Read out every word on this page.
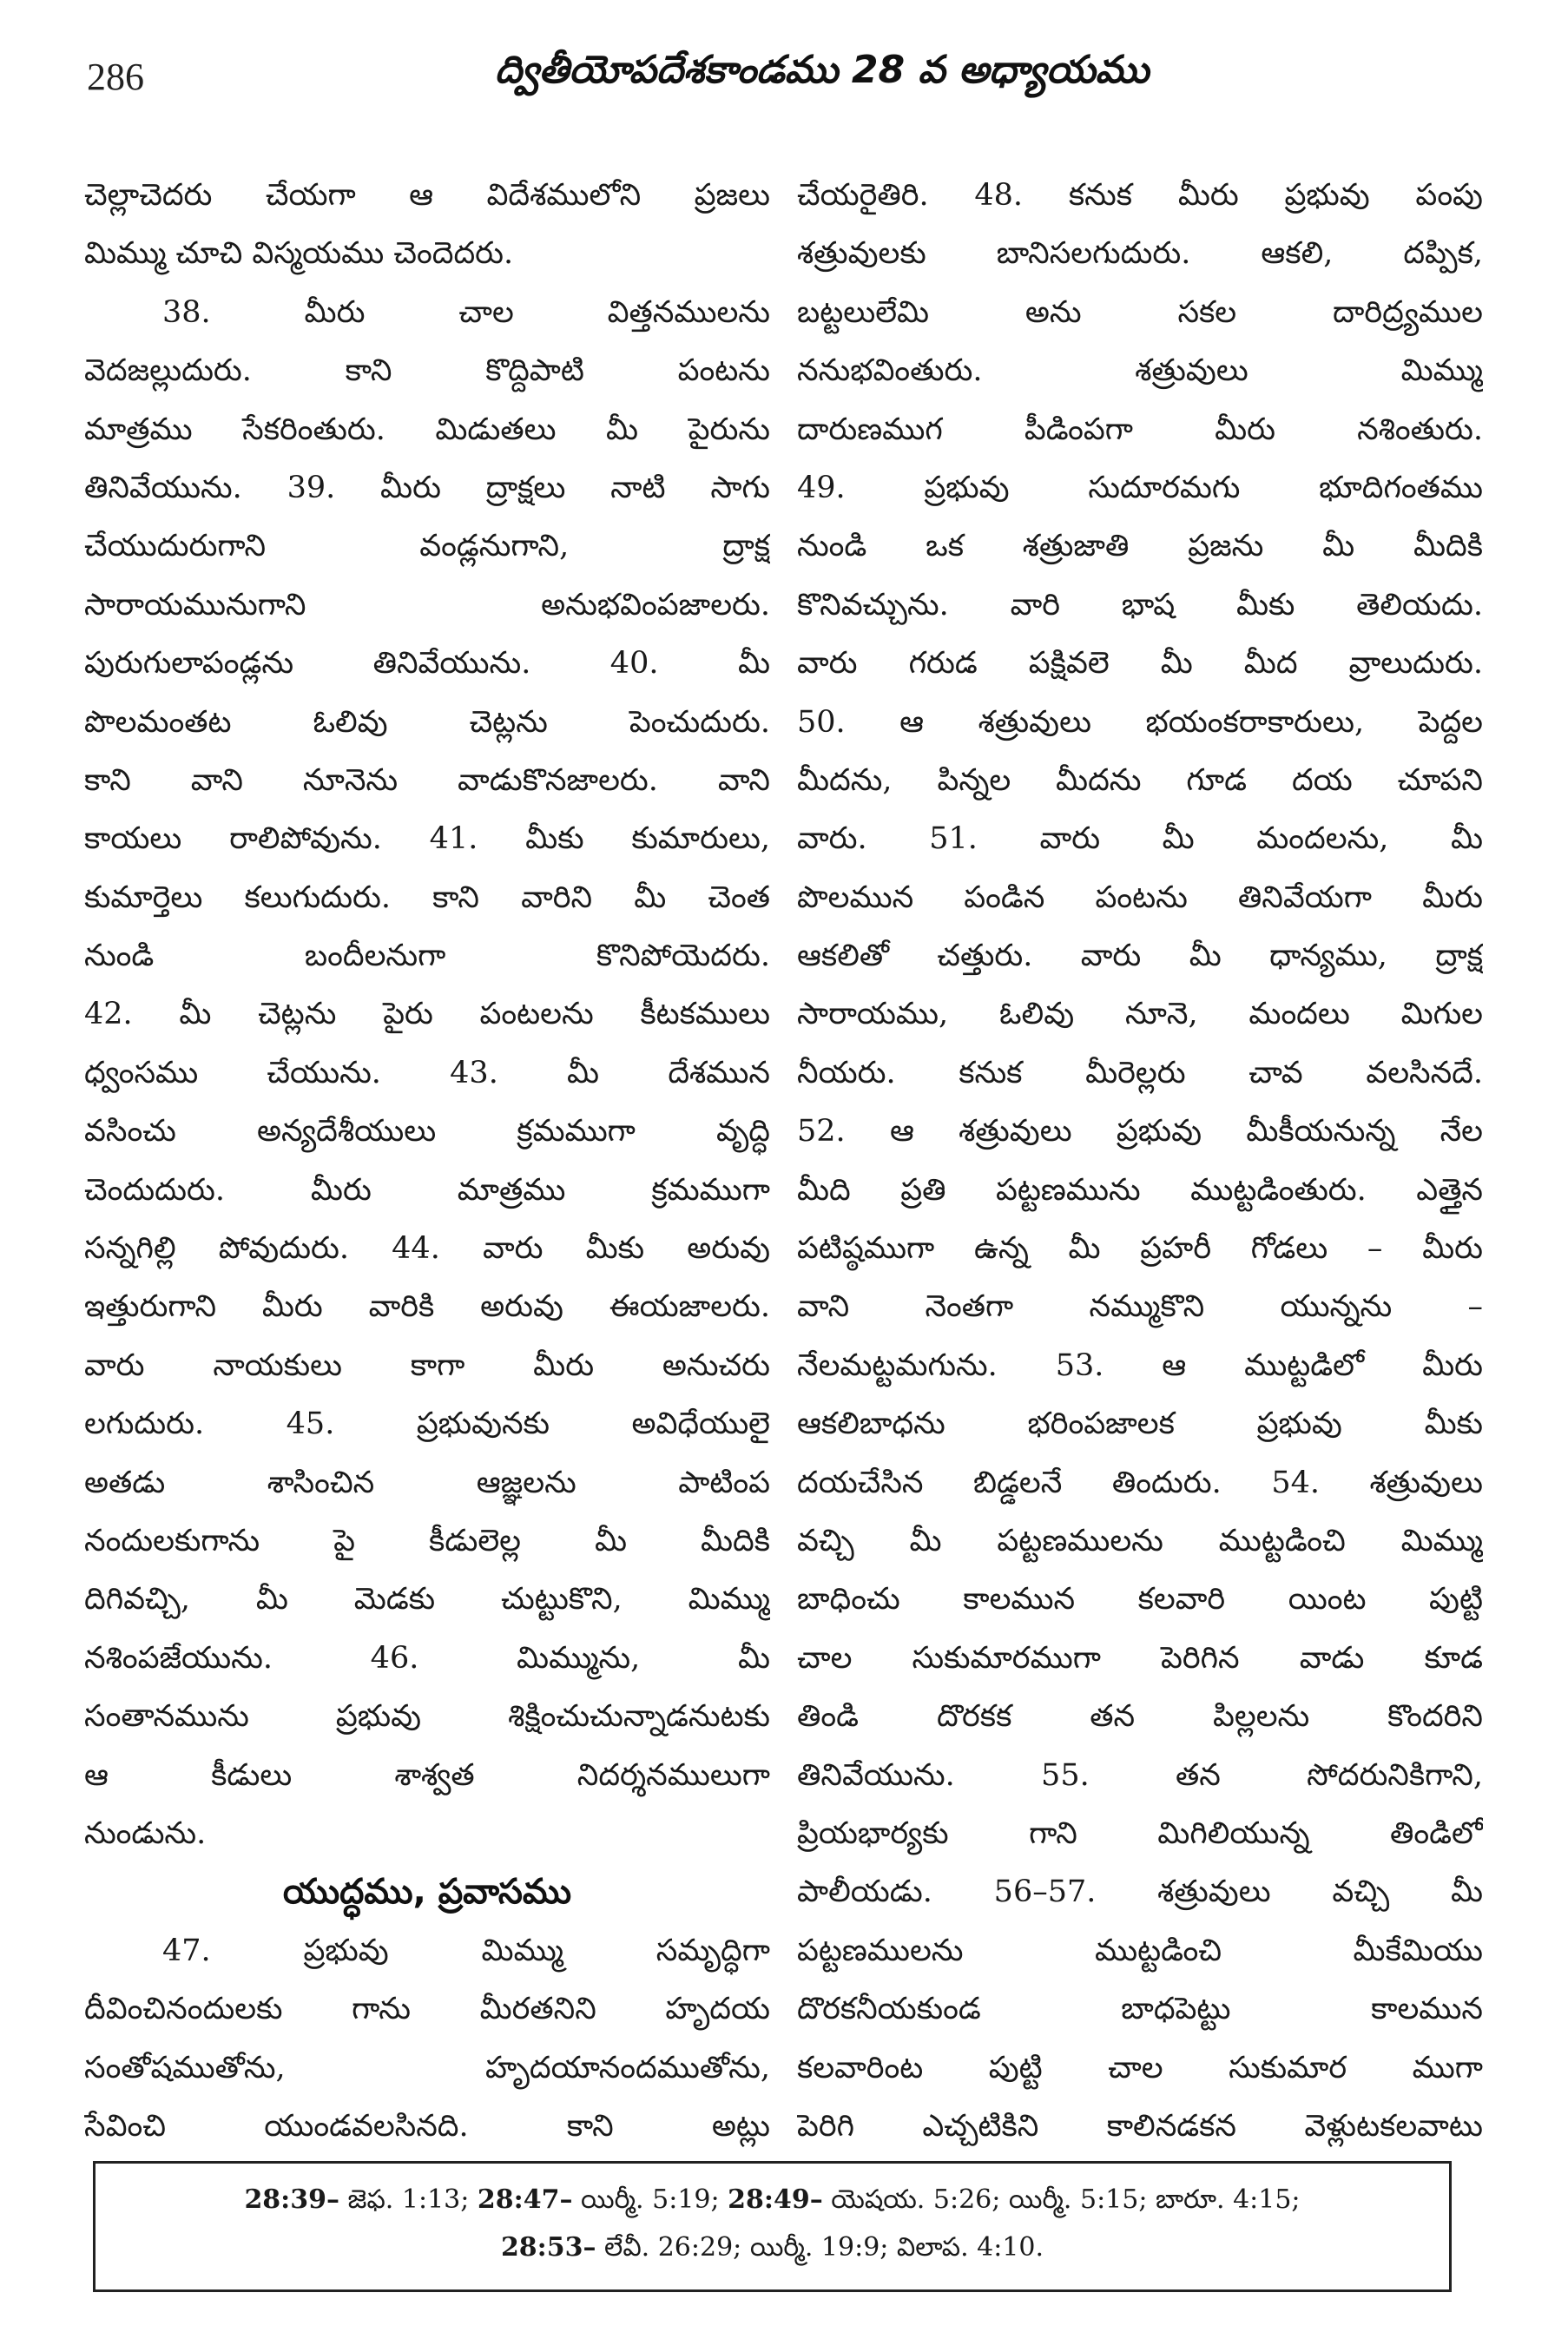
286	ద్వితీయోపదేశకాండము 28 వ అధ్యాయము
చెల్లాచెదరు చేయగా ఆ విదేశములోని ప్రజలు
మిమ్ము చూచి విస్మయము చెందెదరు.
38. మీరు చాల విత్తనములను
వెదజల్లుదురు. కాని కొద్దిపాటి పంటను
మాత్రము సేకరింతురు. మిడుతలు మీ పైరును
తినివేయును. 39. మీరు ద్రాక్షలు నాటి సాగు
చేయుదురుగాని వండ్లనుగాని, ద్రాక్ష
సారాయమునుగాని అనుభవింపజాలరు.
పురుగులాపండ్లను తినివేయును. 40. మీ
పొలమంతట ఓలివు చెట్లను పెంచుదురు.
కాని వాని నూనెను వాడుకొనజాలరు. వాని
కాయలు రాలిపోవును. 41. మీకు కుమారులు,
కుమార్తెలు కలుగుదురు. కాని వారిని మీ చెంత
నుండి బందీలనుగా కొనిపోయెదరు.
42. మీ చెట్లను పైరు పంటలను కీటకములు
ధ్వంసము చేయును. 43. మీ దేశమున
వసించు అన్యదేశీయులు క్రమముగా వృద్ధి
చెందుదురు. మీరు మాత్రము క్రమముగా
సన్నగిల్లి పోవుదురు. 44. వారు మీకు అరువు
ఇత్తురుగాని మీరు వారికి అరువు ఈయజాలరు.
వారు నాయకులు కాగా మీరు అనుచరు
లగుదురు. 45. ప్రభువునకు అవిధేయులై
అతడు శాసించిన ఆజ్ఞలను పాటింప
నందులకుగాను పై కీడులెల్ల మీ మీదికి
దిగివచ్చి, మీ మెడకు చుట్టుకొని, మిమ్ము
నశింపజేయును. 46. మిమ్మును, మీ
సంతానమును ప్రభువు శిక్షించుచున్నాడనుటకు
ఆ కీడులు శాశ్వత నిదర్శనములుగా
నుండును.
యుద్ధము, ప్రవాసము
47. ప్రభువు మిమ్ము సమృద్ధిగా
దీవించినందులకు గాను మీరతనిని హృదయ
సంతోషముతోను, హృదయానందముతోను,
సేవించి యుండవలసినది. కాని అట్లు
చేయరైతిరి. 48. కనుక మీరు ప్రభువు పంపు
శత్రువులకు బానిసలగుదురు. ఆకలి, దప్పిక,
బట్టలులేమి అను సకల దారిద్ర్యముల
ననుభవింతురు. శత్రువులు మిమ్ము
దారుణముగ పీడింపగా మీరు నశింతురు.
49. ప్రభువు సుదూరమగు భూదిగంతము
నుండి ఒక శత్రుజాతి ప్రజను మీ మీదికి
కొనివచ్చును. వారి భాష మీకు తెలియదు.
వారు గరుడ పక్షివలె మీ మీద వ్రాలుదురు.
50. ఆ శత్రువులు భయంకరాకారులు, పెద్దల
మీదను, పిన్నల మీదను గూడ దయ చూపని
వారు. 51. వారు మీ మందలను, మీ
పొలమున పండిన పంటను తినివేయగా మీరు
ఆకలితో చత్తురు. వారు మీ ధాన్యము, ద్రాక్ష
సారాయము, ఓలివు నూనె, మందలు మిగుల
నీయరు. కనుక మీరెల్లరు చావ వలసినదే.
52. ఆ శత్రువులు ప్రభువు మీకీయనున్న నేల
మీది ప్రతి పట్టణమును ముట్టడింతురు. ఎత్తైన
పటిష్ఠముగా ఉన్న మీ ప్రహరీ గోడలు – మీరు
వాని నెంతగా నమ్ముకొని యున్నను –
నేలమట్టమగును. 53. ఆ ముట్టడిలో మీరు
ఆకలిబాధను భరింపజాలక ప్రభువు మీకు
దయచేసిన బిడ్డలనే తిందురు. 54. శత్రువులు
వచ్చి మీ పట్టణములను ముట్టడించి మిమ్ము
బాధించు కాలమున కలవారి యింట పుట్టి
చాల సుకుమారముగా పెరిగిన వాడు కూడ
తిండి దొరకక తన పిల్లలను కొందరిని
తినివేయును. 55. తన సోదరునికిగాని,
ప్రియభార్యకు గాని మిగిలియున్న తిండిలో
పాలీయడు. 56–57. శత్రువులు వచ్చి మీ
పట్టణములను ముట్టడించి మీకేమియు
దొరకనీయకుండ బాధపెట్టు కాలమున
కలవారింట పుట్టి చాల సుకుమార ముగా
పెరిగి ఎచ్చటికిని కాలినడకన వెళ్లుటకలవాటు
28:39– జెఫ. 1:13; 28:47– యిర్మీ. 5:19; 28:49– యెషయ. 5:26; యిర్మీ. 5:15; బారూ. 4:15;
28:53– లేవీ. 26:29; యిర్మీ. 19:9; విలాప. 4:10.
